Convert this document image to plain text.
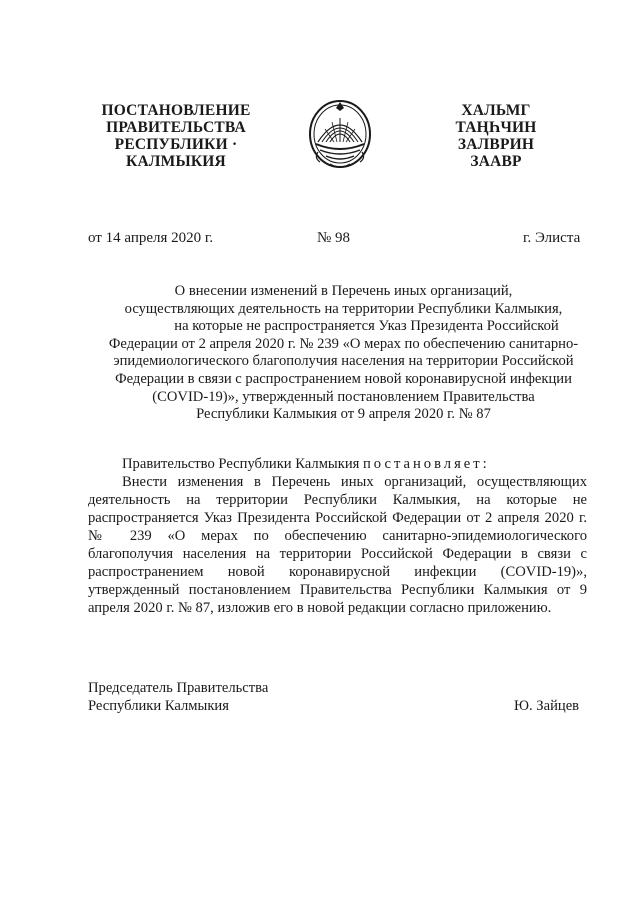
ПОСТАНОВЛЕНИЕ
ПРАВИТЕЛЬСТВА
РЕСПУБЛИКИ ·
КАЛМЫКИЯ
ХАЛЬМГ
ТАҢҺЧИН
ЗАЛВРИН
ЗААВР
от 14 апреля 2020 г.	№ 98	г. Элиста
О внесении изменений в Перечень иных организаций,
осуществляющих деятельность на территории Республики Калмыкия,
на которые не распространяется Указ Президента Российской
Федерации от 2 апреля 2020 г. № 239 «О мерах по обеспечению санитарно-
эпидемиологического благополучия населения на территории Российской
Федерации в связи с распространением новой коронавирусной инфекции
(COVID-19)», утвержденный постановлением Правительства
Республики Калмыкия от 9 апреля 2020 г. № 87
Правительство Республики Калмыкия постановляет:

Внести изменения в Перечень иных организаций, осуществляющих деятельность на территории Республики Калмыкия, на которые не распространяется Указ Президента Российской Федерации от 2 апреля 2020 г. № 239 «О мерах по обеспечению санитарно-эпидемиологического благополучия населения на территории Российской Федерации в связи с распространением новой коронавирусной инфекции (COVID-19)», утвержденный постановлением Правительства Республики Калмыкия от 9 апреля 2020 г. № 87, изложив его в новой редакции согласно приложению.

Председатель Правительства
Республики Калмыкия	Ю. Зайцев
